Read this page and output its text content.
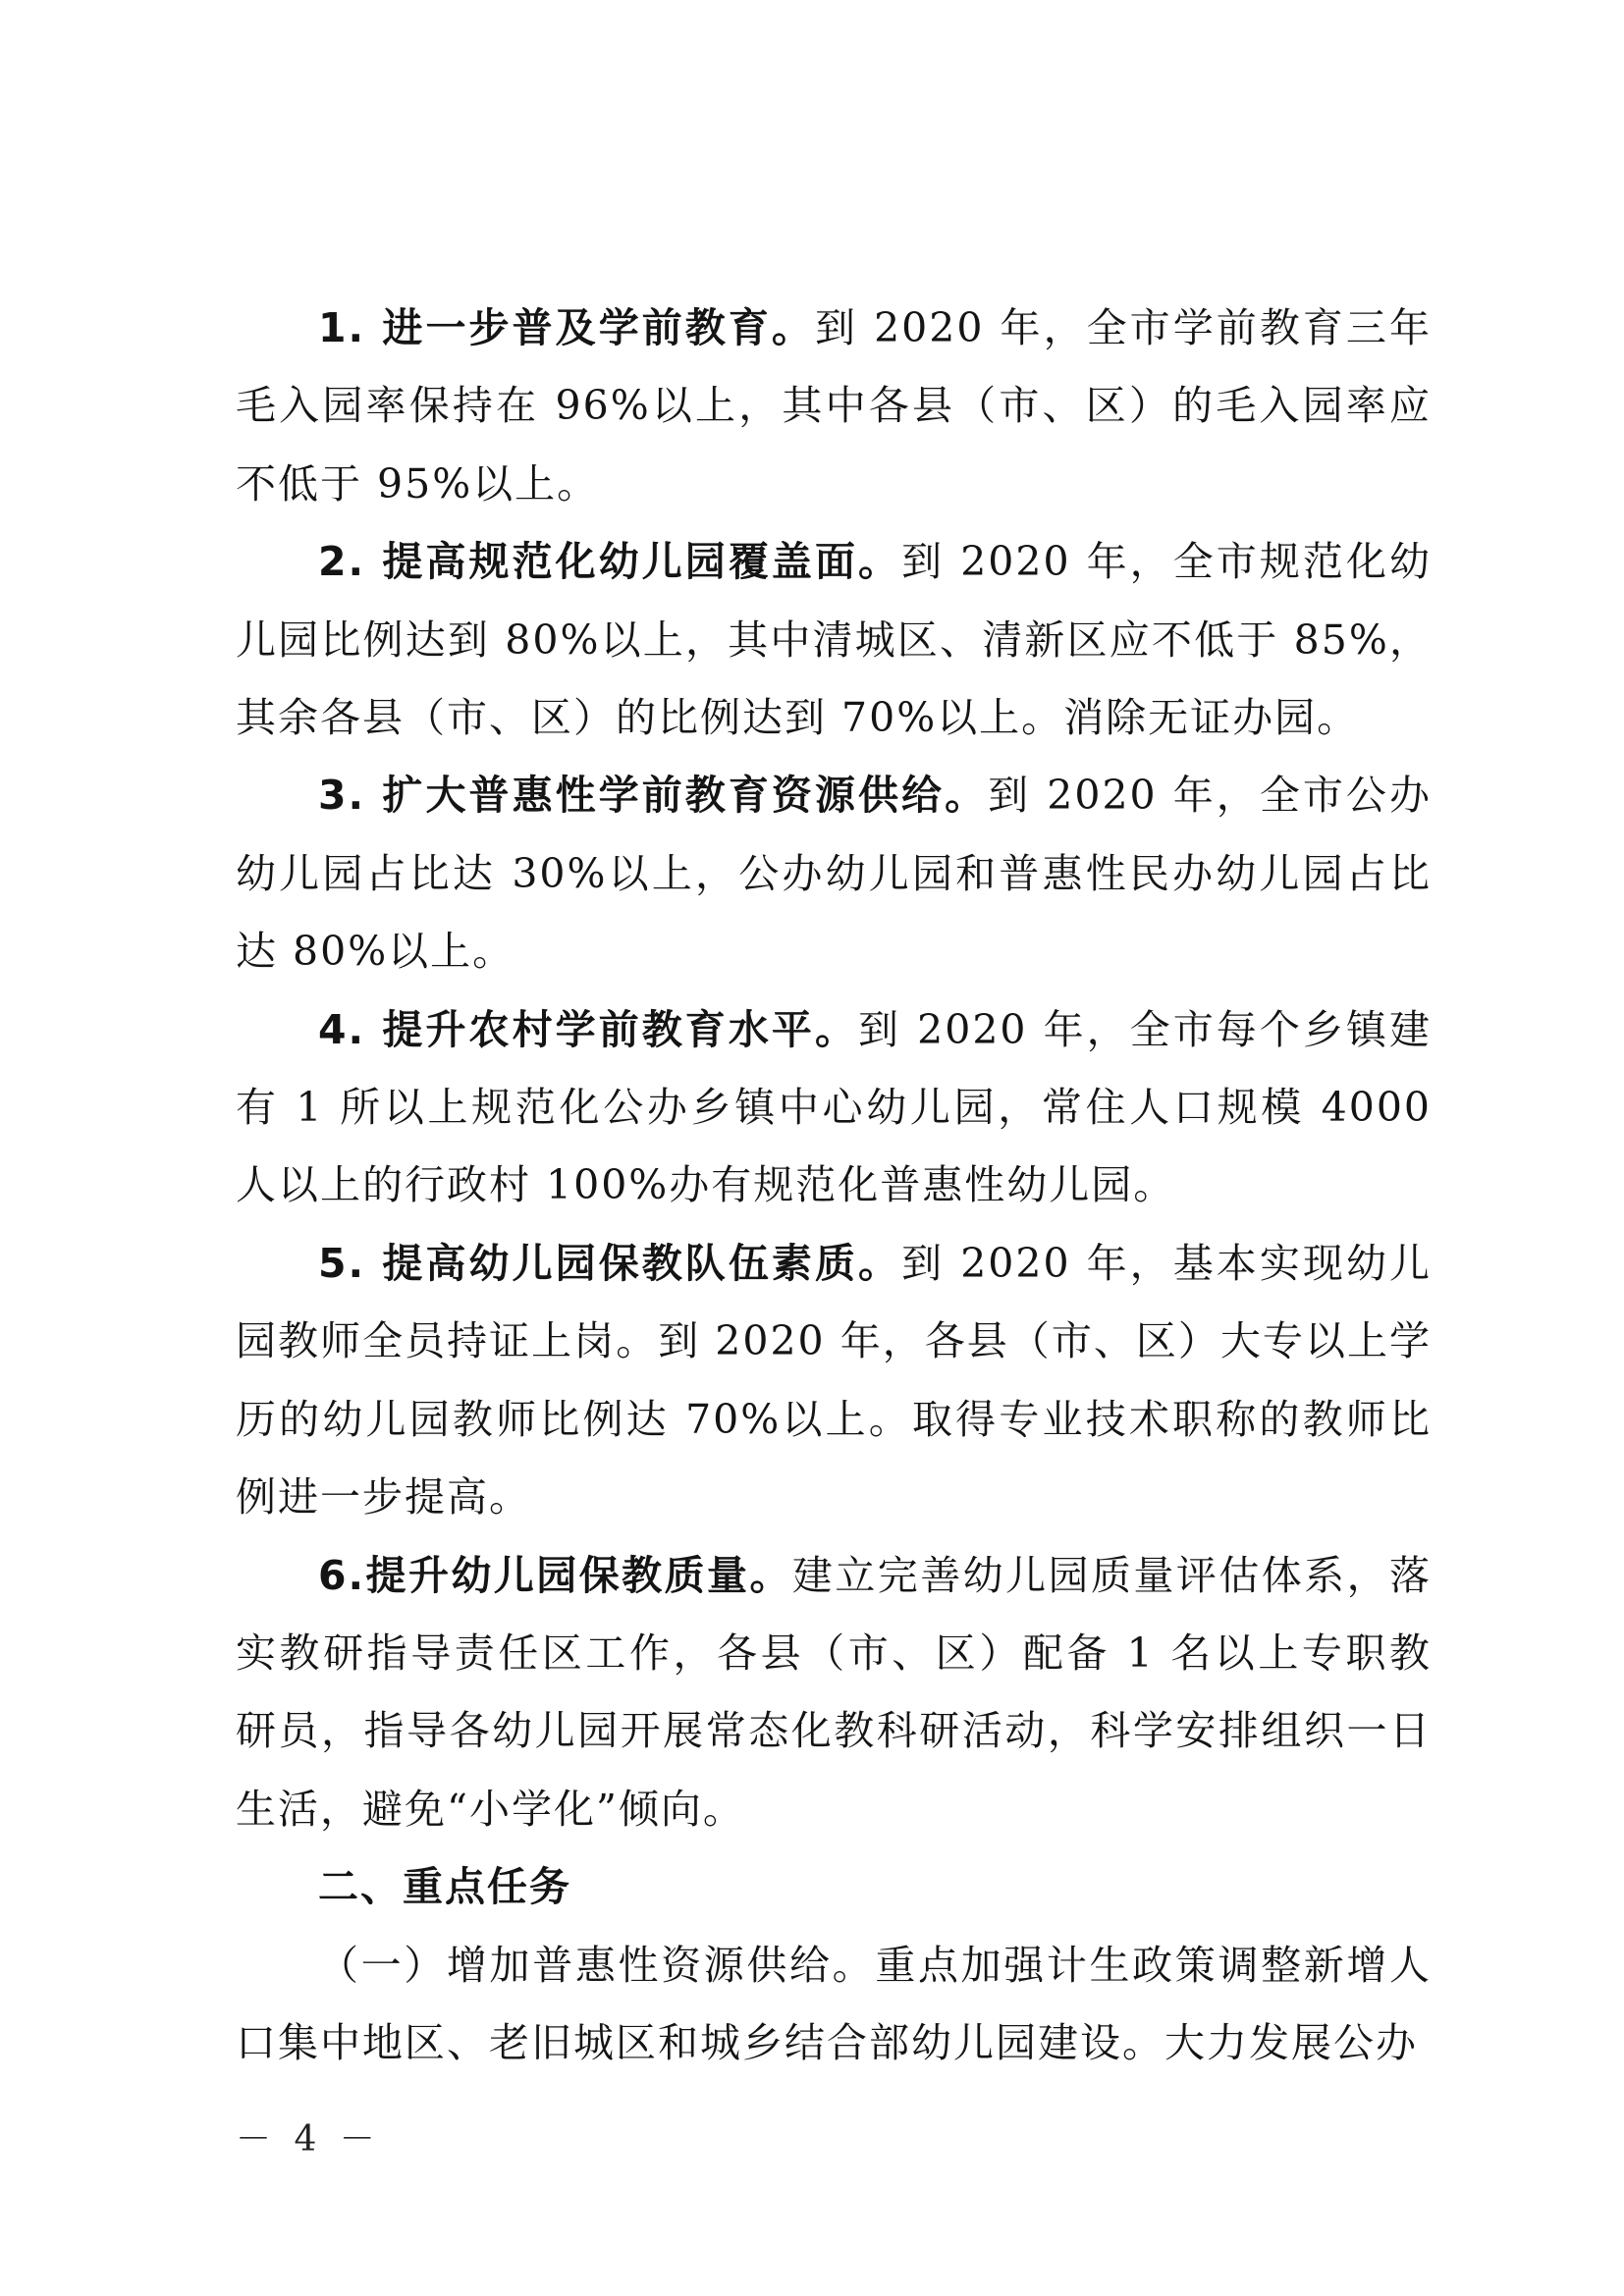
1. 进一步普及学前教育。到 2020 年，全市学前教育三年毛入园率保持在 96%以上，其中各县（市、区）的毛入园率应不低于 95%以上。

2. 提高规范化幼儿园覆盖面。到 2020 年，全市规范化幼儿园比例达到 80%以上，其中清城区、清新区应不低于 85%，其余各县（市、区）的比例达到 70%以上。消除无证办园。

3. 扩大普惠性学前教育资源供给。到 2020 年，全市公办幼儿园占比达 30%以上，公办幼儿园和普惠性民办幼儿园占比达 80%以上。

4. 提升农村学前教育水平。到 2020 年，全市每个乡镇建有 1 所以上规范化公办乡镇中心幼儿园，常住人口规模 4000 人以上的行政村 100%办有规范化普惠性幼儿园。

5. 提高幼儿园保教队伍素质。到 2020 年，基本实现幼儿园教师全员持证上岗。到 2020 年，各县（市、区）大专以上学历的幼儿园教师比例达 70%以上。取得专业技术职称的教师比例进一步提高。

6.提升幼儿园保教质量。建立完善幼儿园质量评估体系，落实教研指导责任区工作，各县（市、区）配备 1 名以上专职教研员，指导各幼儿园开展常态化教科研活动，科学安排组织一日生活，避免“小学化”倾向。

二、重点任务

（一）增加普惠性资源供给。重点加强计生政策调整新增人口集中地区、老旧城区和城乡结合部幼儿园建设。大力发展公办

－ 4 －
